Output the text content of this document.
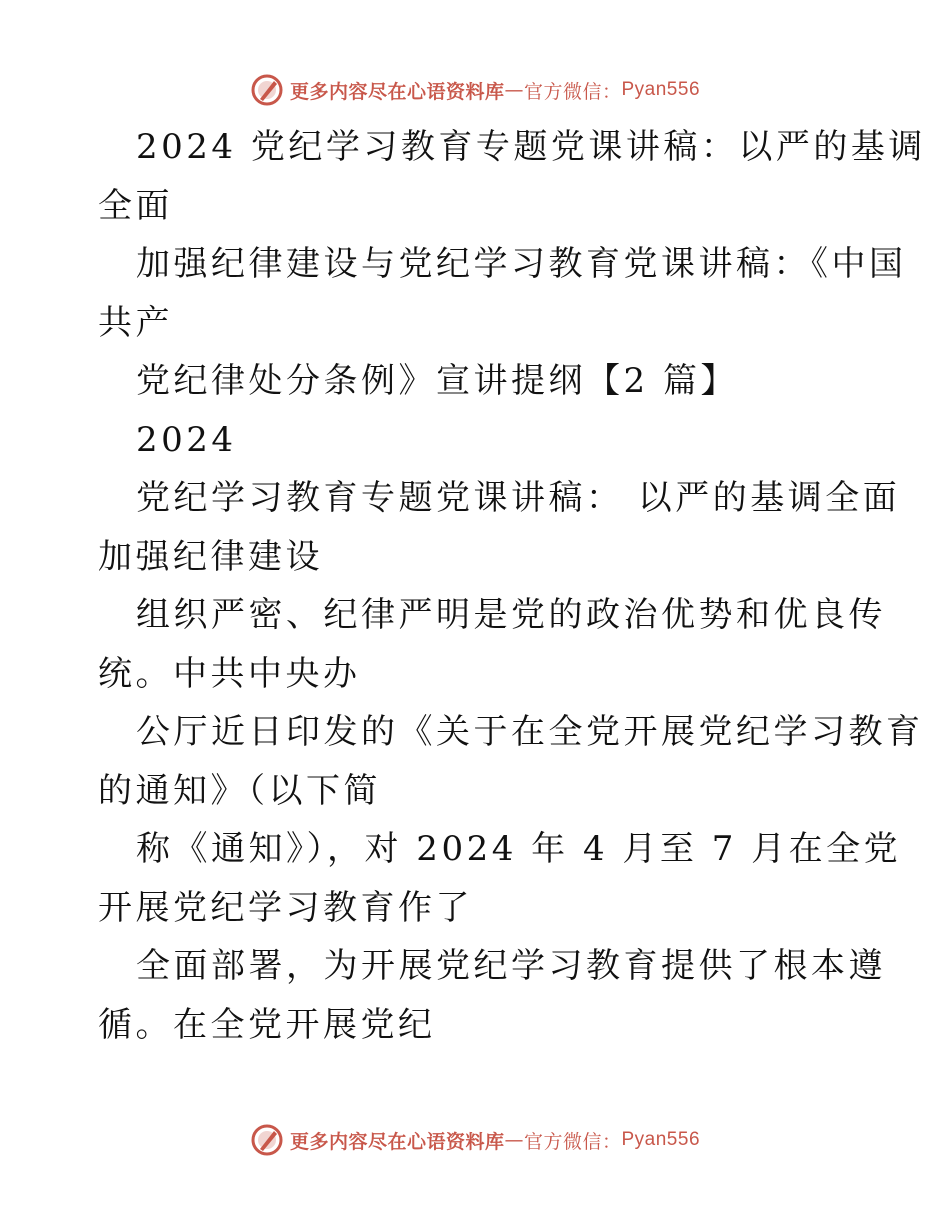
更多内容尽在心语资料库 — 官方微信： Pyan556
2024 党纪学习教育专题党课讲稿：以严的基调
全面
加强纪律建设与党纪学习教育党课讲稿：《中国
共产
党纪律处分条例》宣讲提纲【2 篇】
2024
党纪学习教育专题党课讲稿： 以严的基调全面
加强纪律建设
组织严密、纪律严明是党的政治优势和优良传
统。中共中央办
公厅近日印发的《关于在全党开展党纪学习教育
的通知》（以下简
称《通知》），对 2024 年 4 月至 7 月在全党
开展党纪学习教育作了
全面部署，为开展党纪学习教育提供了根本遵
循。在全党开展党纪
更多内容尽在心语资料库 — 官方微信： Pyan556
